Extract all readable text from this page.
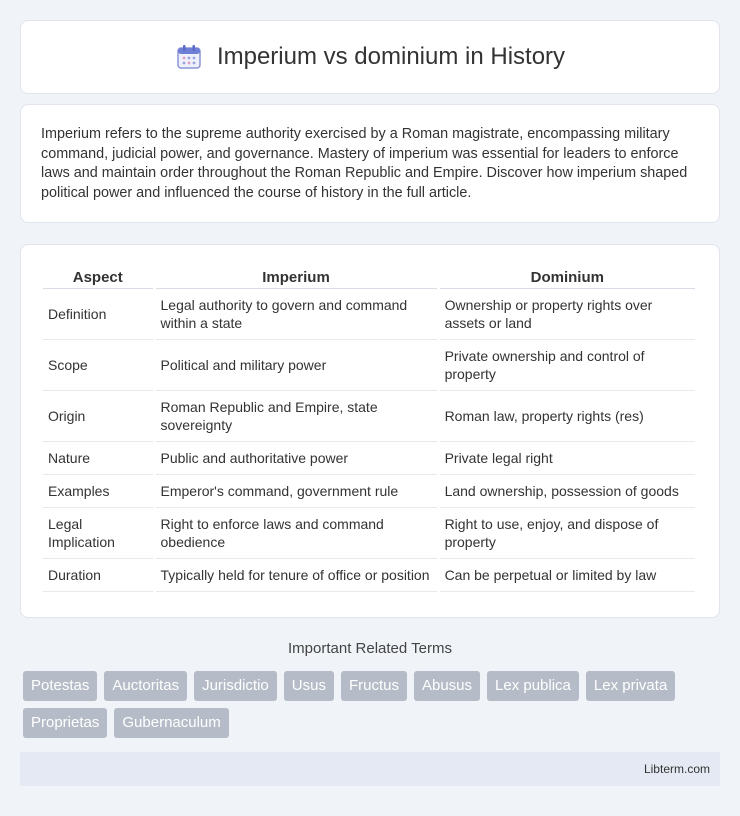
Imperium vs dominium in History

Imperium refers to the supreme authority exercised by a Roman magistrate, encompassing military command, judicial power, and governance. Mastery of imperium was essential for leaders to enforce laws and maintain order throughout the Roman Republic and Empire. Discover how imperium shaped political power and influenced the course of history in the full article.

Aspect	Imperium	Dominium
Definition	Legal authority to govern and command within a state	Ownership or property rights over assets or land
Scope	Political and military power	Private ownership and control of property
Origin	Roman Republic and Empire, state sovereignty	Roman law, property rights (res)
Nature	Public and authoritative power	Private legal right
Examples	Emperor's command, government rule	Land ownership, possession of goods
Legal Implication	Right to enforce laws and command obedience	Right to use, enjoy, and dispose of property
Duration	Typically held for tenure of office or position	Can be perpetual or limited by law
Important Related Terms
Potestas	Auctoritas	Jurisdictio	Usus	Fructus	Abusus	Lex publica	Lex privata
Proprietas	Gubernaculum
Libterm.com
